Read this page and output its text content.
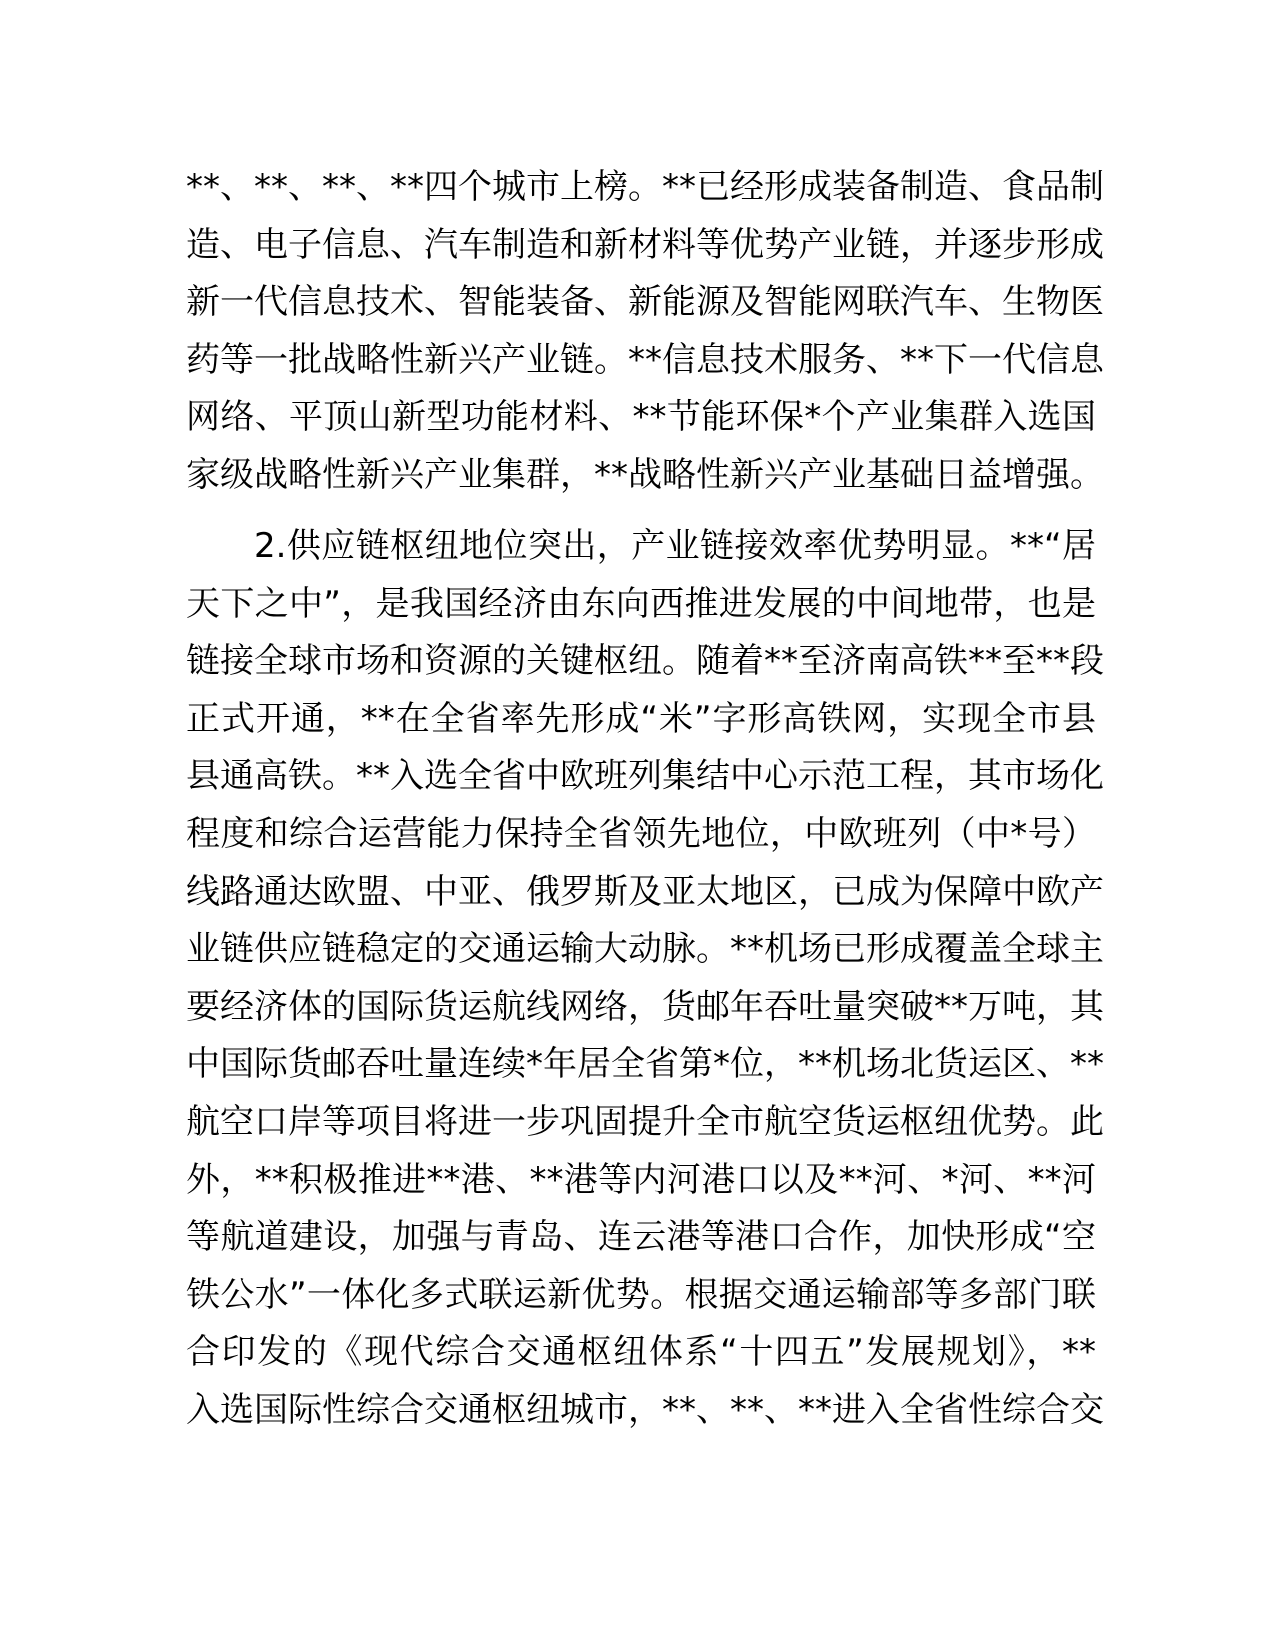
**、**、**、**四个城市上榜。**已经形成装备制造、食品制
造、电子信息、汽车制造和新材料等优势产业链，并逐步形成
新一代信息技术、智能装备、新能源及智能网联汽车、生物医
药等一批战略性新兴产业链。**信息技术服务、**下一代信息
网络、平顶山新型功能材料、**节能环保*个产业集群入选国
家级战略性新兴产业集群，**战略性新兴产业基础日益增强。
2.供应链枢纽地位突出，产业链接效率优势明显。**“居
天下之中”，是我国经济由东向西推进发展的中间地带，也是
链接全球市场和资源的关键枢纽。随着**至济南高铁**至**段
正式开通，**在全省率先形成“米”字形高铁网，实现全市县
县通高铁。**入选全省中欧班列集结中心示范工程，其市场化
程度和综合运营能力保持全省领先地位，中欧班列（中*号）
线路通达欧盟、中亚、俄罗斯及亚太地区，已成为保障中欧产
业链供应链稳定的交通运输大动脉。**机场已形成覆盖全球主
要经济体的国际货运航线网络，货邮年吞吐量突破**万吨，其
中国际货邮吞吐量连续*年居全省第*位，**机场北货运区、**
航空口岸等项目将进一步巩固提升全市航空货运枢纽优势。此
外，**积极推进**港、**港等内河港口以及**河、*河、**河
等航道建设，加强与青岛、连云港等港口合作，加快形成“空
铁公水”一体化多式联运新优势。根据交通运输部等多部门联
合印发的《现代综合交通枢纽体系“十四五”发展规划》，**
入选国际性综合交通枢纽城市，**、**、**进入全省性综合交
